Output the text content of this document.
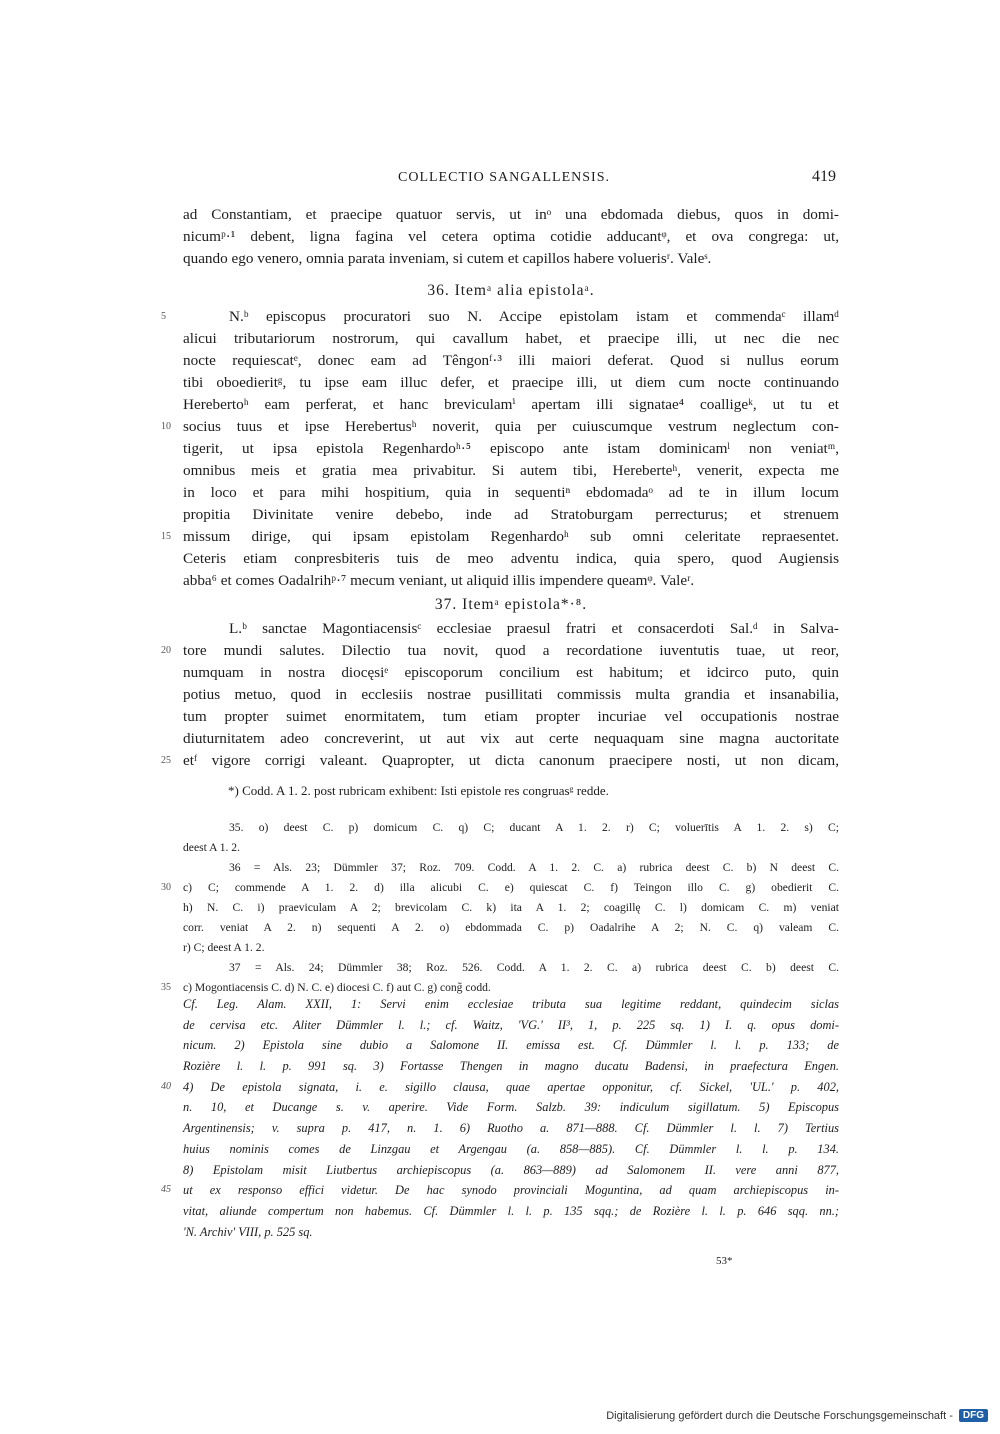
COLLECTIO SANGALLENSIS.	419
ad Constantiam, et praecipe quatuor servis, ut inᵒ una ebdomada diebus, quos in domi-
nicumᵖ·¹ debent, ligna fagina vel cetera optima cotidie adducantᵠ, et ova congrega: ut,
quando ego venero, omnia parata inveniam, si cutem et capillos habere voluerisʳ. Valeˢ.
36. Itemᵃ alia epistolaᵃ.
5	N.ᵇ episcopus procuratori suo N. Accipe epistolam istam et commendaᶜ illamᵈ
alicui tributariorum nostrorum, qui cavallum habet, et praecipe illi, ut nec die nec
nocte requiescatᵉ, donec eam ad Têngonᶠ·³ illi maiori deferat. Quod si nullus eorum
tibi oboedieritᵍ, tu ipse eam illuc defer, et praecipe illi, ut diem cum nocte continuando
Herebertoʰ eam perferat, et hanc breviculamⁱ apertam illi signatae⁴ coalligeᵏ, ut tu et
10 socius tuus et ipse Herebertusʰ noverit, quia per cuiuscumque vestrum neglectum con-
tigerit, ut ipsa epistola Regenhardoʰ·⁵ episcopo ante istam dominicamˡ non veniatᵐ,
omnibus meis et gratia mea privabitur. Si autem tibi, Hereberteʰ, venerit, expecta me
in loco et para mihi hospitium, quia in sequentiⁿ ebdomadaᵒ ad te in illum locum
propitia Divinitate venire debebo, inde ad Stratoburgam perrecturus; et strenuem
15 missum dirige, qui ipsam epistolam Regenhardoʰ sub omni celeritate repraesentet.
Ceteris etiam conpresbiteris tuis de meo adventu indica, quia spero, quod Augiensis
abba⁶ et comes Oadalrihᵖ·⁷ mecum veniant, ut aliquid illis impendere queamᵠ. Valeʳ.
37. Itemᵃ epistola*·⁸.
L.ᵇ sanctae Magontiacensisᶜ ecclesiae praesul fratri et consacerdoti Sal.ᵈ in Salva-
20 tore mundi salutes. Dilectio tua novit, quod a recordatione iuventutis tuae, ut reor,
numquam in nostra diocęsiᵉ episcoporum concilium est habitum; et idcirco puto, quin
potius metuo, quod in ecclesiis nostrae pusillitati commissis multa grandia et insanabilia,
tum propter suimet enormitatem, tum etiam propter incuriae vel occupationis nostrae
diuturnitatem adeo concreverint, ut aut vix aut certe nequaquam sine magna auctoritate
25 etᶠ vigore corrigi valeant. Quapropter, ut dicta canonum praecipere nosti, ut non dicam,
*) Codd. A 1. 2. post rubricam exhibent: Isti epistole res congruasᵍ redde.
35. o) deest C. p) domicum C. q) C; ducant A 1. 2. r) C; voluerītis A 1. 2. s) C;
deest A 1. 2.
36 = Als. 23; Dümmler 37; Roz. 709. Codd. A 1. 2. C. a) rubrica deest C. b) N deest C.
30	c) C; commende A 1. 2. d) illa alicubi C. e) quiescat C. f) Teingon illo C. g) obedierit C.
h) N. C. i) praeviculam A 2; brevicolam C. k) ita A 1. 2; coagillę C. l) domicam C. m) veniat
corr. veniat A 2. n) sequenti A 2. o) ebdommada C. p) Oadalrihe A 2; N. C. q) valeam C.
r) C; deest A 1. 2.
37 = Als. 24; Dümmler 38; Roz. 526. Codd. A 1. 2. C. a) rubrica deest C. b) deest C.
35	c) Mogontiacensis C. d) N. C. e) diocesi C. f) aut C. g) cong̃ codd.
Cf. Leg. Alam. XXII, 1: Servi enim ecclesiae tributa sua legitime reddant, quindecim siclas
de cervisa etc. Aliter Dümmler l. l.; cf. Waitz, 'VG.' II³, 1, p. 225 sq. 1) I. q. opus domi-
nicum. 2) Epistola sine dubio a Salomone II. emissa est. Cf. Dümmler l. l. p. 133; de
Rozière l. l. p. 991 sq. 3) Fortasse Thengen in magno ducatu Badensi, in praefectura Engen.
40 4) De epistola signata, i. e. sigillo clausa, quae apertae opponitur, cf. Sickel, 'UL.' p. 402,
n. 10, et Ducange s. v. aperire. Vide Form. Salzb. 39: indiculum sigillatum. 5) Episcopus
Argentinensis; v. supra p. 417, n. 1. 6) Ruotho a. 871—888. Cf. Dümmler l. l. 7) Tertius
huius nominis comes de Linzgau et Argengau (a. 858—885). Cf. Dümmler l. l. p. 134.
8) Epistolam misit Liutbertus archiepiscopus (a. 863—889) ad Salomonem II. vere anni 877,
45 ut ex responso effici videtur. De hac synodo provinciali Moguntina, ad quam archiepiscopus in-
vitat, aliunde compertum non habemus. Cf. Dümmler l. l. p. 135 sqq.; de Rozière l. l. p. 646 sqq. nn.;
'N. Archiv' VIII, p. 525 sq.
53*
Digitalisierung gefördert durch die Deutsche Forschungsgemeinschaft -	DFG
